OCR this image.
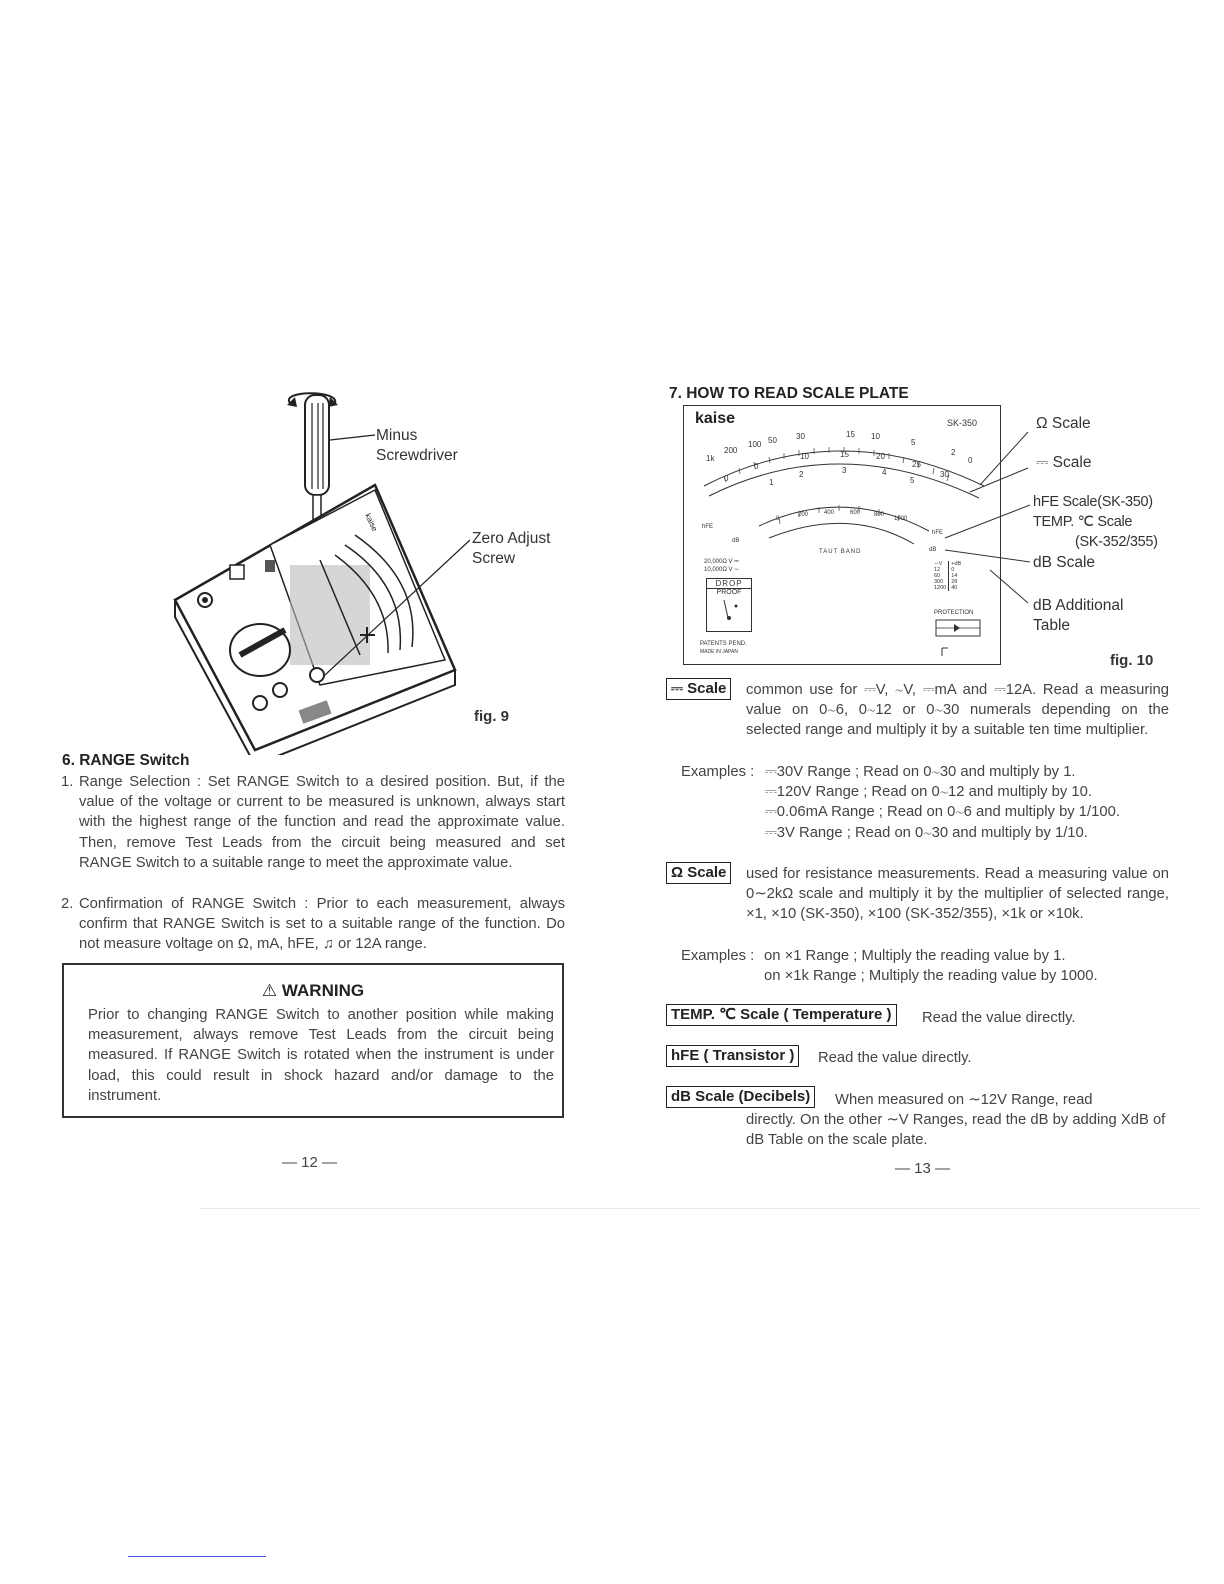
kaise
Minus
Screwdriver
Zero Adjust
Screw
fig. 9
6. RANGE Switch
1. Range Selection : Set RANGE Switch to a desired position. But, if the value of the voltage or current to be measured is unknown, always start with the highest range of the function and read the approximate value. Then, remove Test Leads from the circuit being measured and set RANGE Switch to a suitable range to meet the approximate value.
2. Confirmation of RANGE Switch : Prior to each measurement, always confirm that RANGE Switch is set to a suitable range of the function. Do not measure voltage on Ω, mA, hFE, ♫ or 12A range.
⚠ WARNING
Prior to changing RANGE Switch to another position while making measurement, always remove Test Leads from the circuit being measured. If RANGE Switch is rotated when the instrument is under load, this could result in shock hazard and/or damage to the instrument.
— 12 —
7. HOW TO READ SCALE PLATE
kaise	SK-350
1k
200
100 50 30	15 10
5
2
0
0	1
2	3	4
5
0
10	15	20
25
30
0
200	400	600 800
1000
hFE
hFE
dB
dB
TAUT BAND
20,000Ω V ⎓
10,000Ω V ∼
DROP
PROOF
PATENTS PEND.
MADE IN JAPAN
∼V	+dB
12	0
60	14
300	28
1200	40
PROTECTION
Ω Scale
⎓ Scale
hFE Scale(SK-350)
TEMP. ℃ Scale
(SK-352/355)
dB Scale
dB Additional
Table
fig. 10
⎓ Scale	common use for ⎓V, ∼V, ⎓mA and ⎓12A. Read a measuring value on 0∼6, 0∼12 or 0∼30 numerals depending on the selected range and multiply it by a suitable ten time multiplier.
Examples : ⎓30V Range ; Read on 0∼30 and multiply by 1.
⎓120V Range ; Read on 0∼12 and multiply by 10.
⎓0.06mA Range ; Read on 0∼6 and multiply by 1/100.
⎓3V Range ; Read on 0∼30 and multiply by 1/10.
Ω Scale	used for resistance measurements. Read a measuring value on 0∼2kΩ scale and multiply it by the multiplier of selected range, ×1, ×10 (SK-350), ×100 (SK-352/355), ×1k or ×10k.
Examples : on ×1 Range ; Multiply the reading value by 1.
on ×1k Range ; Multiply the reading value by 1000.
TEMP. ℃ Scale ( Temperature )	Read the value directly.
hFE ( Transistor )	Read the value directly.
dB Scale (Decibels)	When measured on ∼12V Range, read
directly. On the other ∼V Ranges, read the dB by adding XdB of dB Table on the scale plate.
— 13 —
